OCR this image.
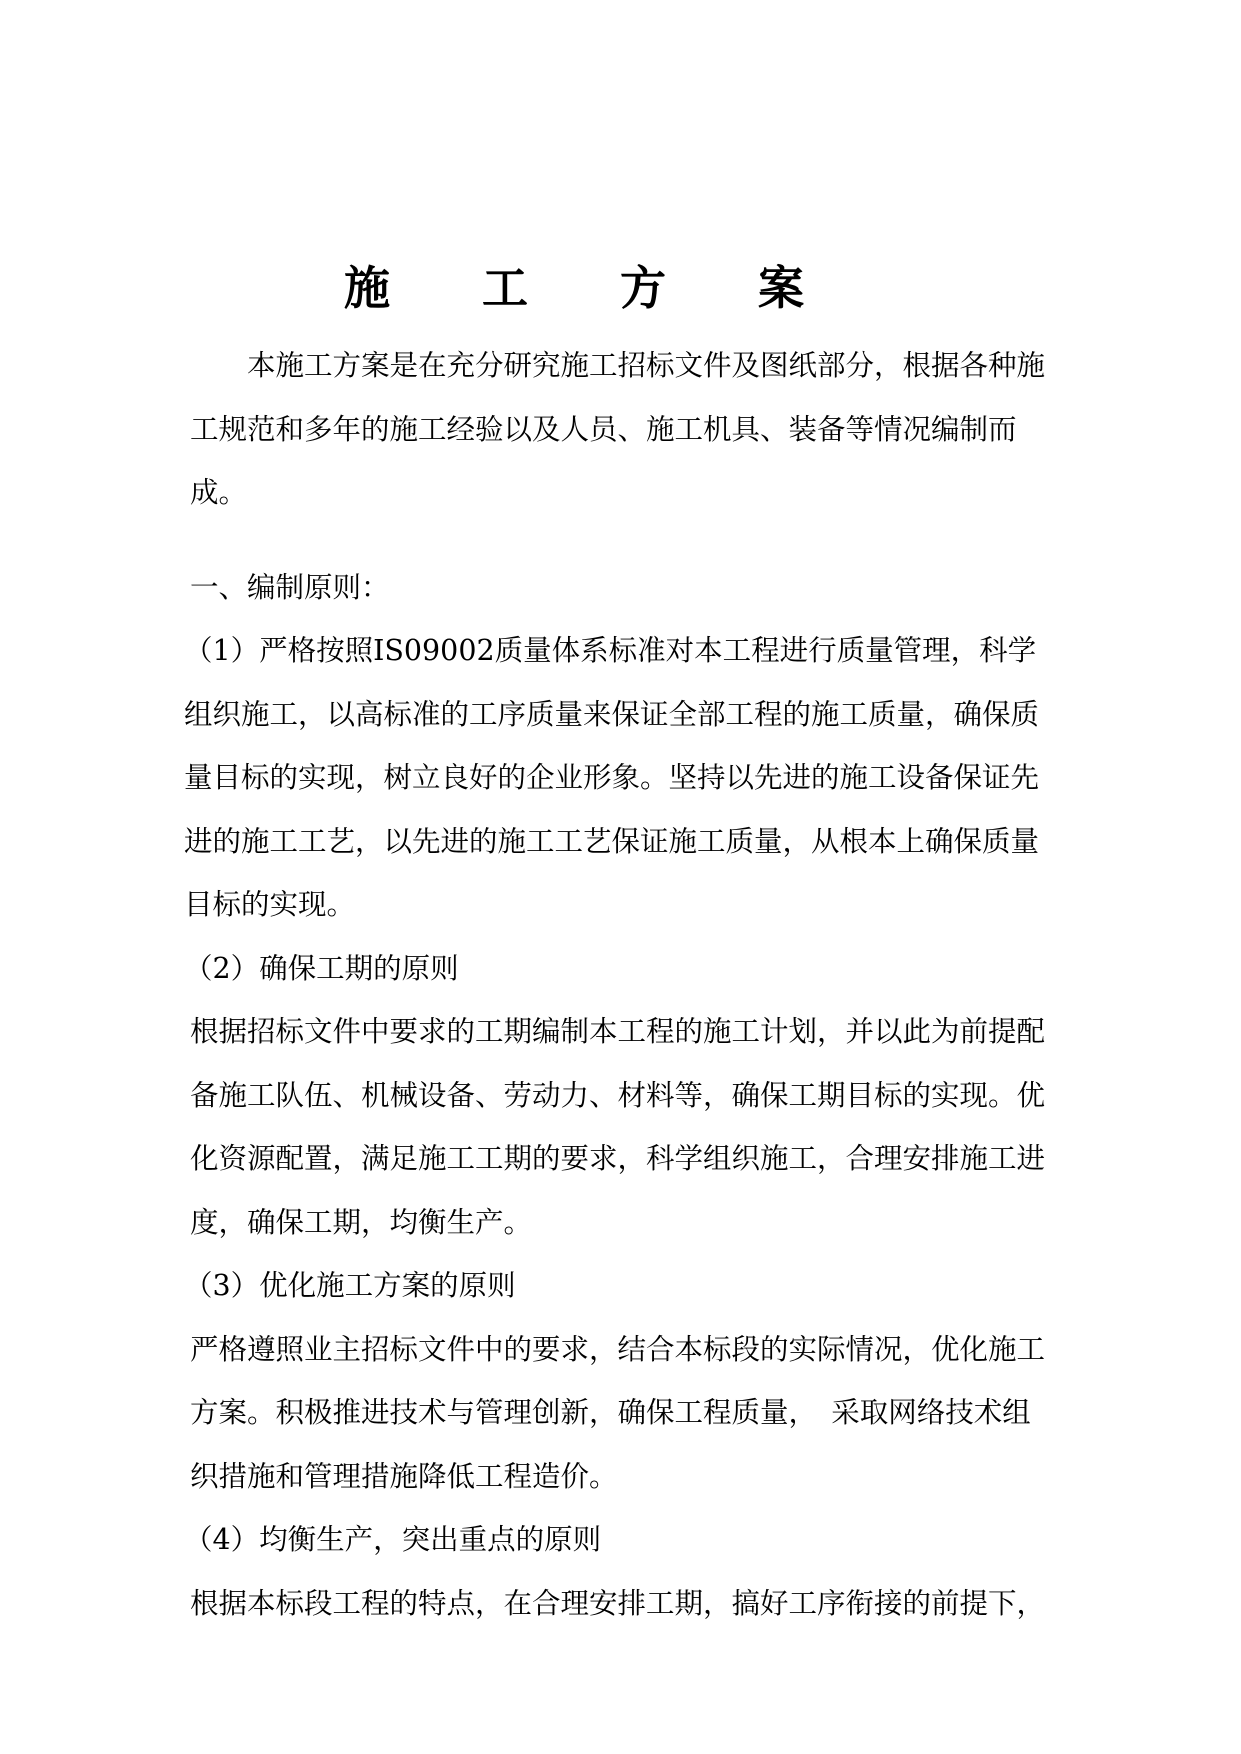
施 工 方 案

本施工方案是在充分研究施工招标文件及图纸部分，根据各种施工规范和多年的施工经验以及人员、施工机具、装备等情况编制而成。

一、编制原则：

（1）严格按照IS09002质量体系标准对本工程进行质量管理，科学组织施工，以高标准的工序质量来保证全部工程的施工质量，确保质量目标的实现，树立良好的企业形象。坚持以先进的施工设备保证先进的施工工艺，以先进的施工工艺保证施工质量，从根本上确保质量目标的实现。

（2）确保工期的原则

根据招标文件中要求的工期编制本工程的施工计划，并以此为前提配备施工队伍、机械设备、劳动力、材料等，确保工期目标的实现。优化资源配置，满足施工工期的要求，科学组织施工，合理安排施工进度，确保工期，均衡生产。

（3）优化施工方案的原则

严格遵照业主招标文件中的要求，结合本标段的实际情况，优化施工方案。积极推进技术与管理创新，确保工程质量，　采取网络技术组织措施和管理措施降低工程造价。

（4）均衡生产，突出重点的原则

根据本标段工程的特点，在合理安排工期，搞好工序衔接的前提下，
